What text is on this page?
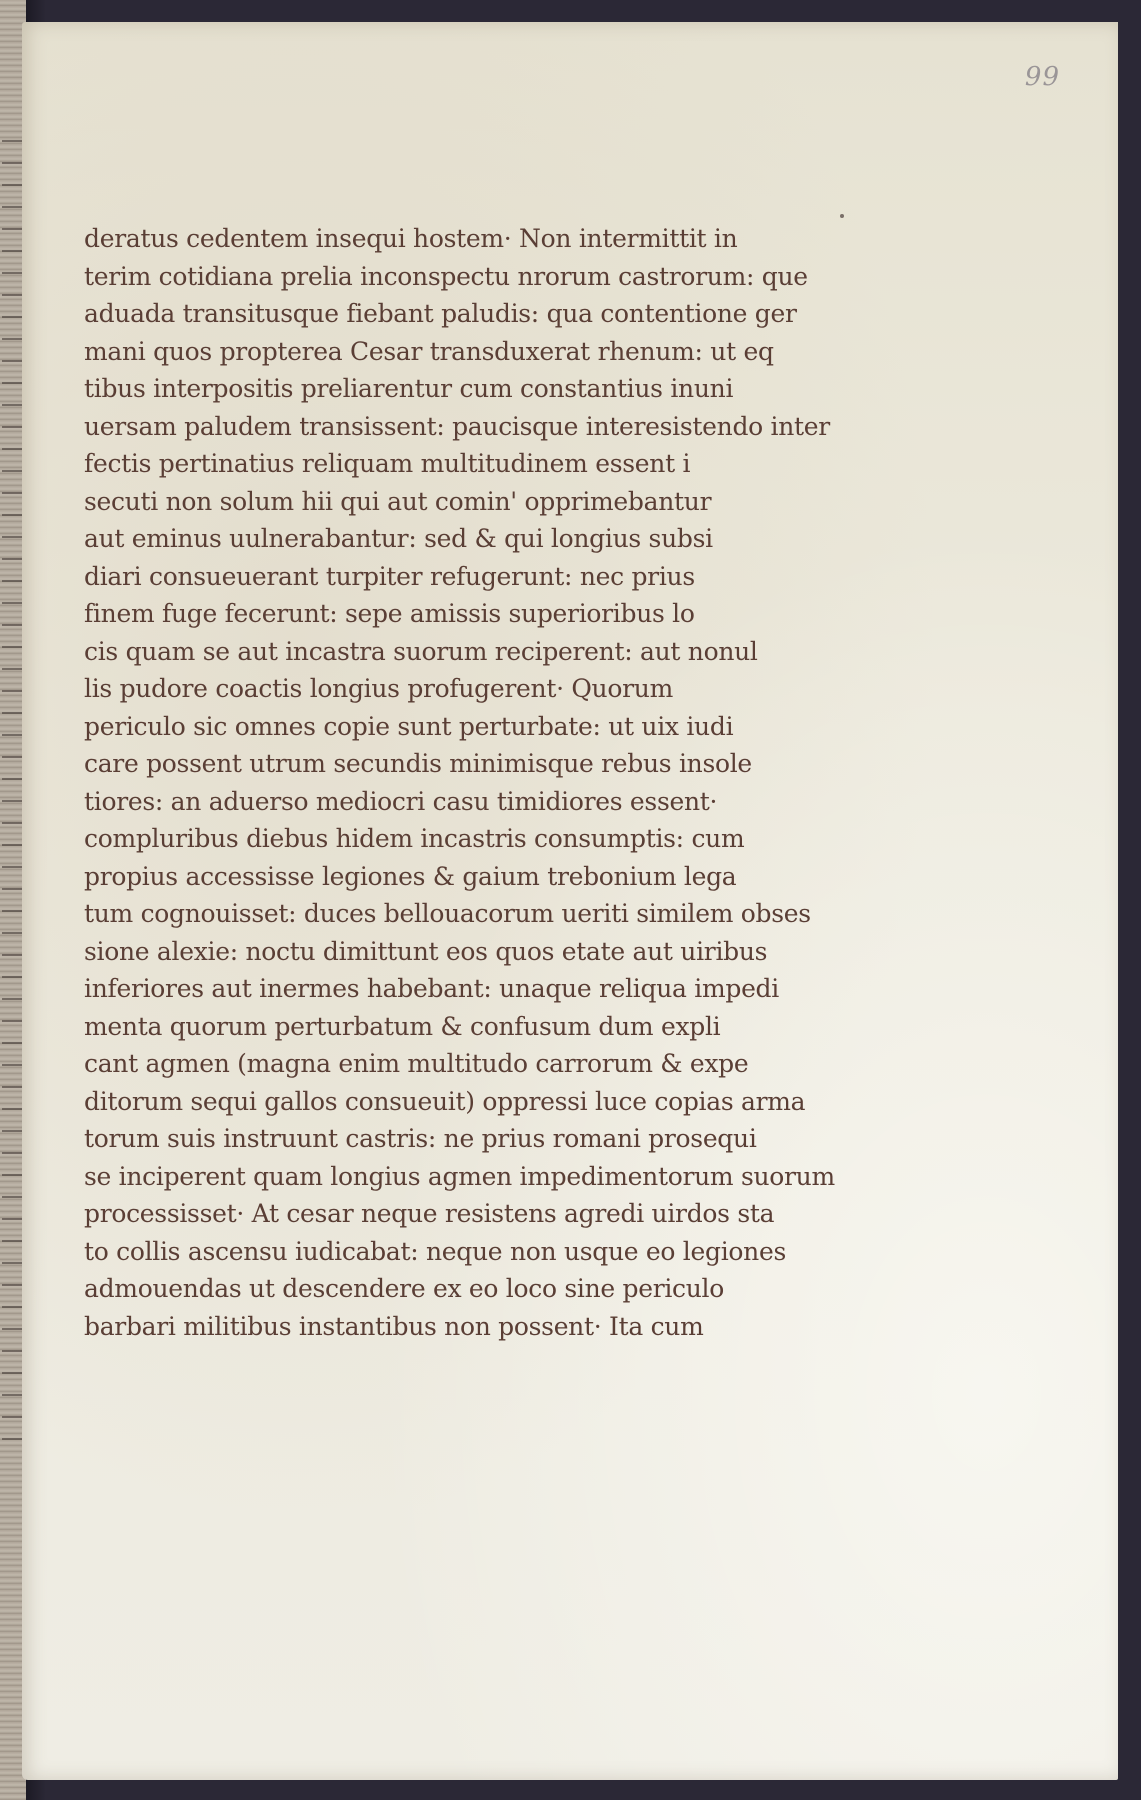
99
deratus cedentem insequi hostem· Non intermittit in
terim cotidiana prelia inconspectu nrorum castrorum: que
aduada transitusque fiebant paludis: qua contentione ger
mani quos propterea Cesar transduxerat rhenum: ut eq
tibus interpositis preliarentur cum constantius inuni
uersam paludem transissent: paucisque interesistendo inter
fectis pertinatius reliquam multitudinem essent i
secuti non solum hii qui aut comin' opprimebantur
aut eminus uulnerabantur: sed & qui longius subsi
diari consueuerant turpiter refugerunt: nec prius
finem fuge fecerunt: sepe amissis superioribus lo
cis quam se aut incastra suorum reciperent: aut nonul
lis pudore coactis longius profugerent· Quorum
periculo sic omnes copie sunt perturbate: ut uix iudi
care possent utrum secundis minimisque rebus insole
tiores: an aduerso mediocri casu timidiores essent·
compluribus diebus hidem incastris consumptis: cum
propius accessisse legiones & gaium trebonium lega
tum cognouisset: duces bellouacorum ueriti similem obses
sione alexie: noctu dimittunt eos quos etate aut uiribus
inferiores aut inermes habebant: unaque reliqua impedi
menta quorum perturbatum & confusum dum expli
cant agmen (magna enim multitudo carrorum & expe
ditorum sequi gallos consueuit) oppressi luce copias arma
torum suis instruunt castris: ne prius romani prosequi
se inciperent quam longius agmen impedimentorum suorum
processisset· At cesar neque resistens agredi uirdos sta
to collis ascensu iudicabat: neque non usque eo legiones
admouendas ut descendere ex eo loco sine periculo
barbari militibus instantibus non possent· Ita cum
